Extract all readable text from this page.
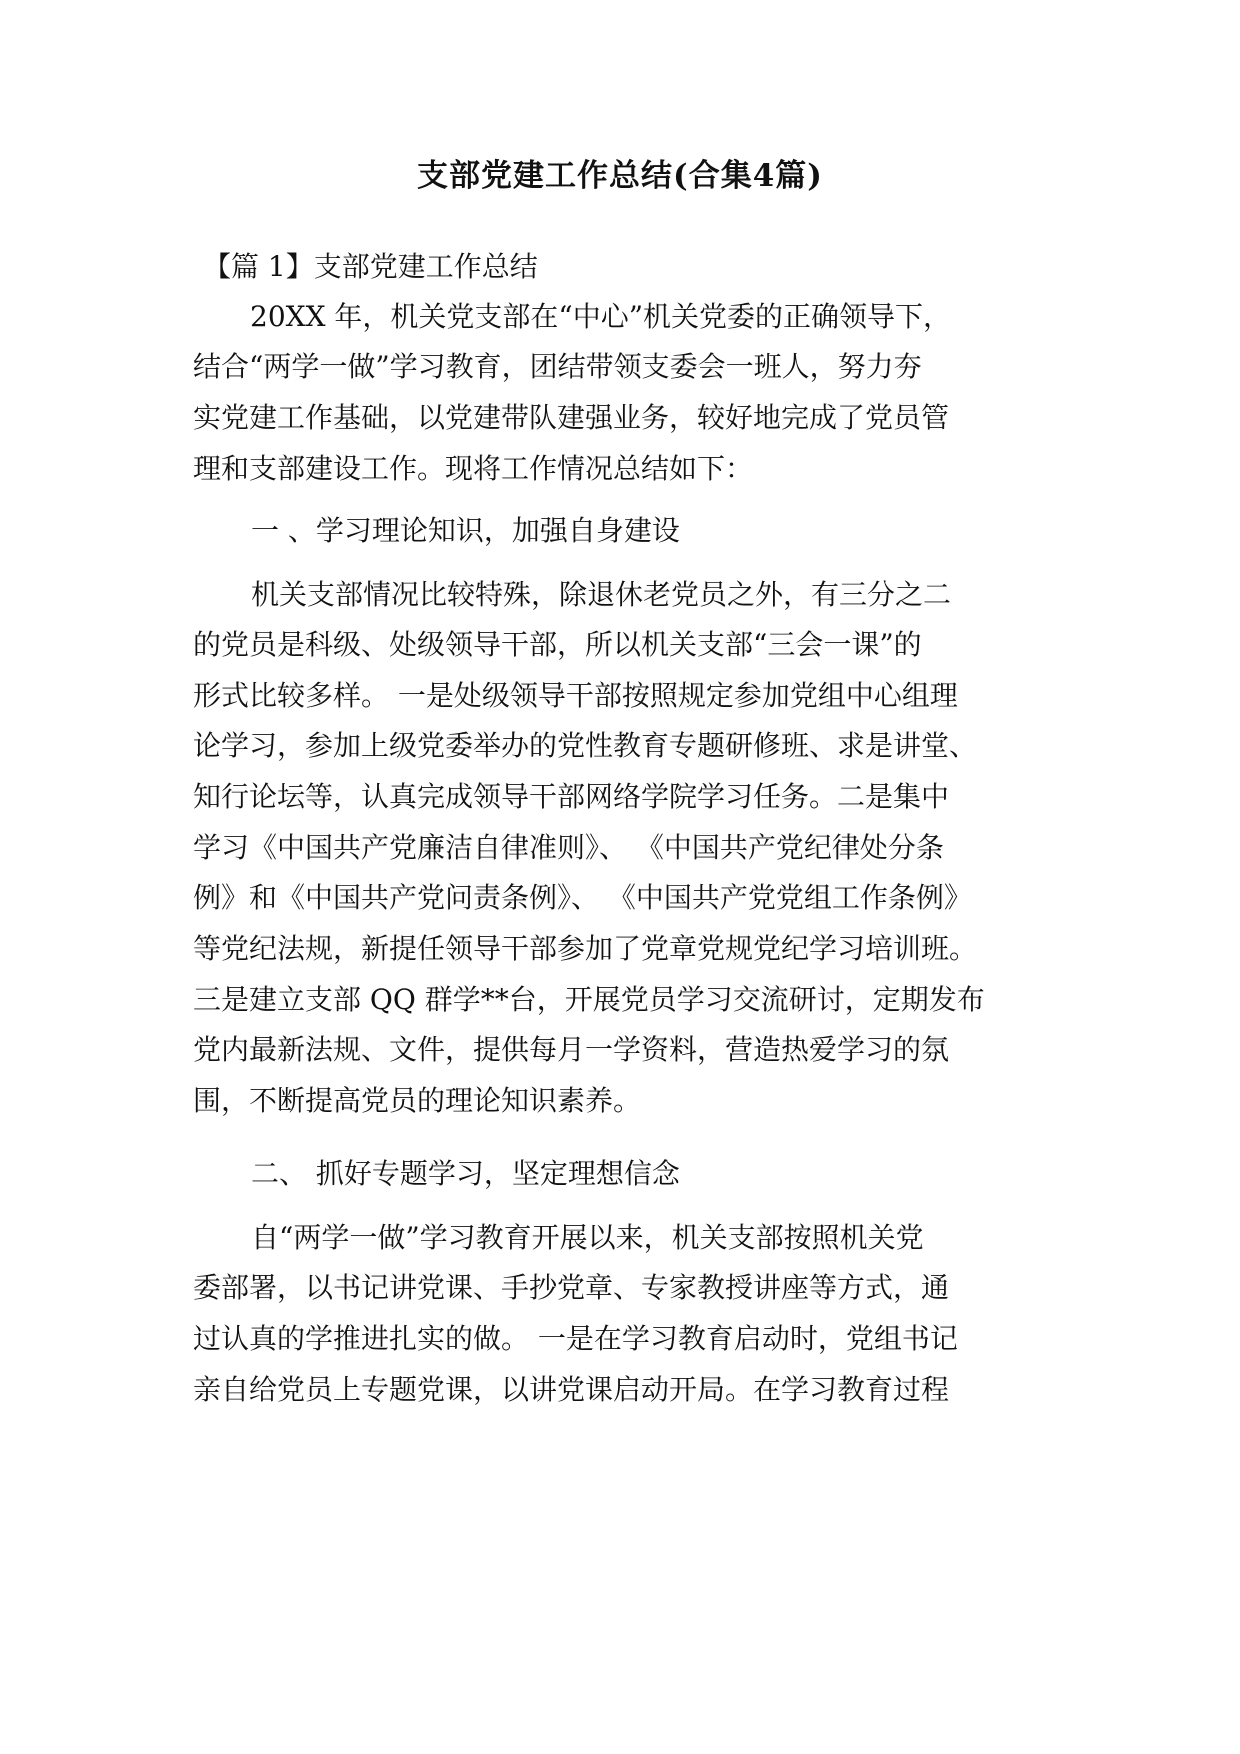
支部党建工作总结(合集4篇)

【篇 1】支部党建工作总结

20XX 年，机关党支部在“中心”机关党委的正确领导下，

结合“两学一做”学习教育，团结带领支委会一班人，努力夯

实党建工作基础，以党建带队建强业务，较好地完成了党员管

理和支部建设工作。现将工作情况总结如下：

一 、学习理论知识，加强自身建设

机关支部情况比较特殊，除退休老党员之外，有三分之二

的党员是科级、处级领导干部，所以机关支部“三会一课”的

形式比较多样。 一是处级领导干部按照规定参加党组中心组理

论学习，参加上级党委举办的党性教育专题研修班、求是讲堂、

知行论坛等，认真完成领导干部网络学院学习任务。二是集中

学习《中国共产党廉洁自律准则》、 《中国共产党纪律处分条

例》和《中国共产党问责条例》、 《中国共产党党组工作条例》

等党纪法规，新提任领导干部参加了党章党规党纪学习培训班。

三是建立支部 QQ 群学**台，开展党员学习交流研讨，定期发布

党内最新法规、文件，提供每月一学资料，营造热爱学习的氛

围，不断提高党员的理论知识素养。

二、 抓好专题学习，坚定理想信念

自“两学一做”学习教育开展以来，机关支部按照机关党

委部署，以书记讲党课、手抄党章、专家教授讲座等方式，通

过认真的学推进扎实的做。 一是在学习教育启动时，党组书记

亲自给党员上专题党课，以讲党课启动开局。在学习教育过程
